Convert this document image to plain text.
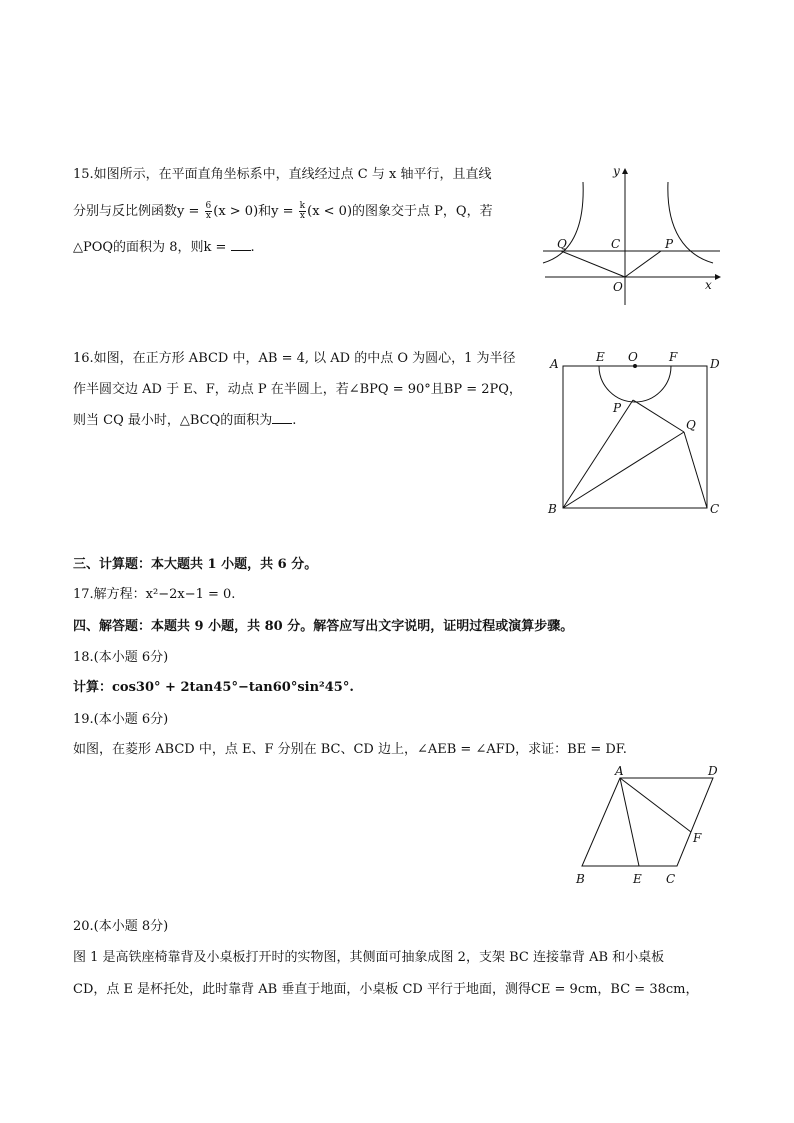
15.如图所示，在平面直角坐标系中，直线经过点 C 与 x 轴平行，且直线
分别与反比例函数$y = \frac{6}{x} (x > 0)$和$y = \frac{k}{x} (x < 0)$的图象交于点 P，Q，若
△POQ的面积为 8，则k = .
y
x
Q	C	P
O
16.如图，在正方形 ABCD 中，AB = 4, 以 AD 的中点 O 为圆心，1 为半径
作半圆交边 AD 于 E、F，动点 P 在半圆上，若∠BPQ = 90°且BP = 2PQ，
则当 CQ 最小时，△BCQ的面积为 .
A	E O	F	D
P
Q
B	C
三、计算题：本大题共 1 小题，共 6 分。
17.解方程：x²−2x−1 = 0.
四、解答题：本题共 9 小题，共 80 分。解答应写出文字说明，证明过程或演算步骤。
18.(本小题 6分)
计算：cos30° + 2tan45°−tan60°sin²45°.
19.(本小题 6分)
如图，在菱形 ABCD 中，点 E、F 分别在 BC、CD 边上，∠AEB = ∠AFD，求证：BE = DF.
A	D
F
B	E C
20.(本小题 8分)
图 1 是高铁座椅靠背及小桌板打开时的实物图，其侧面可抽象成图 2，支架 BC 连接靠背 AB 和小桌板
CD，点 E 是杯托处，此时靠背 AB 垂直于地面，小桌板 CD 平行于地面，测得CE = 9cm，BC = 38cm，
